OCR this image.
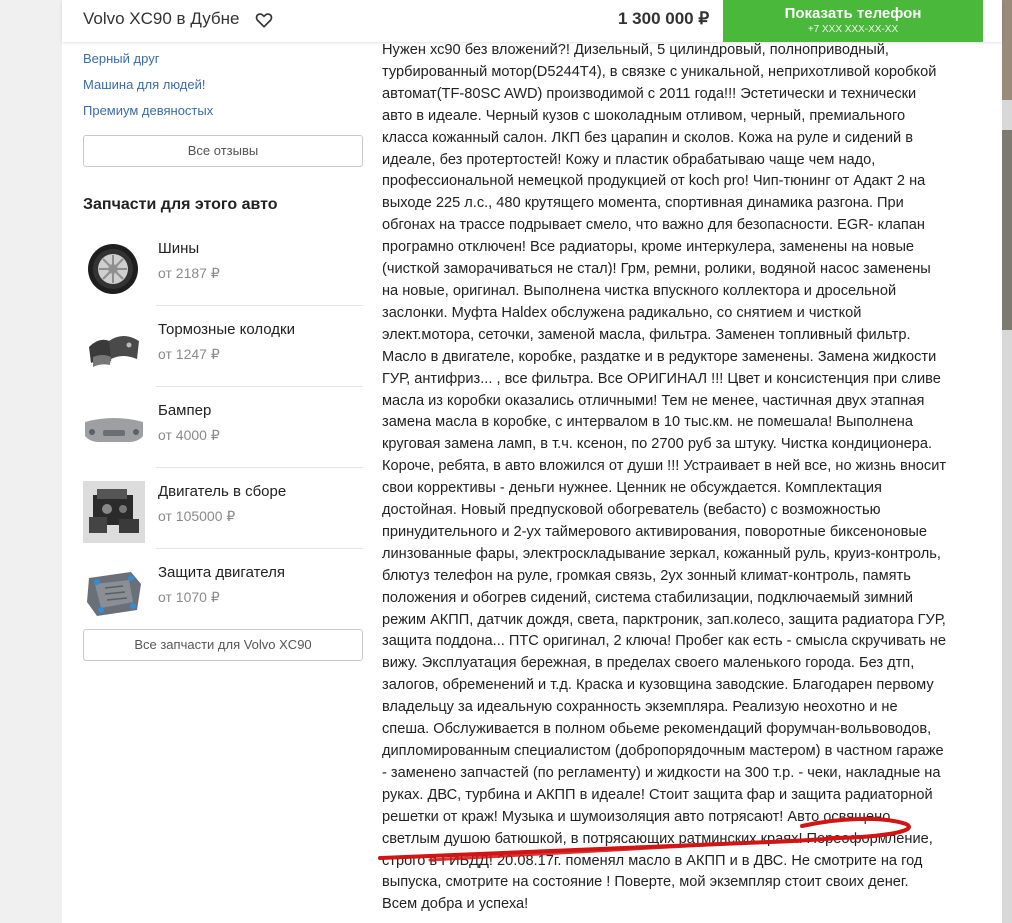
Volvo XC90 в Дубне	1 300 000 ₽	Показать телефон
+7 XXX XXX-XX-XX
Верный друг
Машина для людей!
Премиум девяностых
Все отзывы
Запчасти для этого авто
Шины
от 2187 ₽
Тормозные колодки
от 1247 ₽
Бампер
от 4000 ₽
Двигатель в сборе
от 105000 ₽
Защита двигателя
от 1070 ₽
Все запчасти для Volvo XC90
Нужен хс90 без вложений?! Дизельный, 5 цилиндровый, полноприводный,
турбированный мотор(D5244T4), в связке с уникальной, неприхотливой коробкой
автомат(TF-80SC AWD) производимой с 2011 года!!! Эстетически и технически
авто в идеале. Черный кузов с шоколадным отливом, черный, премиального
класса кожанный салон. ЛКП без царапин и сколов. Кожа на руле и сидений в
идеале, без протертостей! Кожу и пластик обрабатываю чаще чем надо,
профессиональной немецкой продукцией от koch pro! Чип-тюнинг от Адакт 2 на
выходе 225 л.с., 480 крутящего момента, спортивная динамика разгона. При
обгонах на трассе подрывает смело, что важно для безопасности. EGR- клапан
програмно отключен! Все радиаторы, кроме интеркулера, заменены на новые
(чисткой заморачиваться не стал)! Грм, ремни, ролики, водяной насос заменены
на новые, оригинал. Выполнена чистка впускного коллектора и дросельной
заслонки. Муфта Haldex обслужена радикально, со снятием и чисткой
элект.мотора, сеточки, заменой масла, фильтра. Заменен топливный фильтр.
Масло в двигателе, коробке, раздатке и в редукторе заменены. Замена жидкости
ГУР, антифриз... , все фильтра. Все ОРИГИНАЛ !!! Цвет и консистенция при сливе
масла из коробки оказались отличными! Тем не менее, частичная двух этапная
замена масла в коробке, с интервалом в 10 тыс.км. не помешала! Выполнена
круговая замена ламп, в т.ч. ксенон, по 2700 руб за штуку. Чистка кондиционера.
Короче, ребята, в авто вложился от души !!! Устраивает в ней все, но жизнь вносит
свои коррективы - деньги нужнее. Ценник не обсуждается. Комплектация
достойная. Новый предпусковой обогреватель (вебасто) с возможностью
принудительного и 2-ух таймерового активирования, поворотные биксеноновые
линзованные фары, электроскладывание зеркал, кожанный руль, круиз-контроль,
блютуз телефон на руле, громкая связь, 2ух зонный климат-контроль, память
положения и обогрев сидений, система стабилизации, подключаемый зимний
режим АКПП, датчик дождя, света, парктроник, зап.колесо, защита радиатора ГУР,
защита поддона... ПТС оригинал, 2 ключа! Пробег как есть - смысла скручивать не
вижу. Эксплуатация бережная, в пределах своего маленького города. Без дтп,
залогов, обременений и т.д. Краска и кузовщина заводские. Благодарен первому
владельцу за идеальную сохранность экземпляра. Реализую неохотно и не
спеша. Обслуживается в полном обьеме рекомендаций форумчан-вольвоводов,
дипломированным специалистом (добропорядочным мастером) в частном гараже
- заменено запчастей (по регламенту) и жидкости на 300 т.р. - чеки, накладные на
руках. ДВС, турбина и АКПП в идеале! Стоит защита фар и защита радиаторной
решетки от краж! Музыка и шумоизоляция авто потрясают! Авто освящено
светлым душою батюшкой, в потрясающих ратминских краях! Переоформление,
строго в ГИБДД! 20.08.17г. поменял масло в АКПП и в ДВС. Не смотрите на год
выпуска, смотрите на состояние ! Поверте, мой экземпляр стоит своих денег.
Всем добра и успеха!
